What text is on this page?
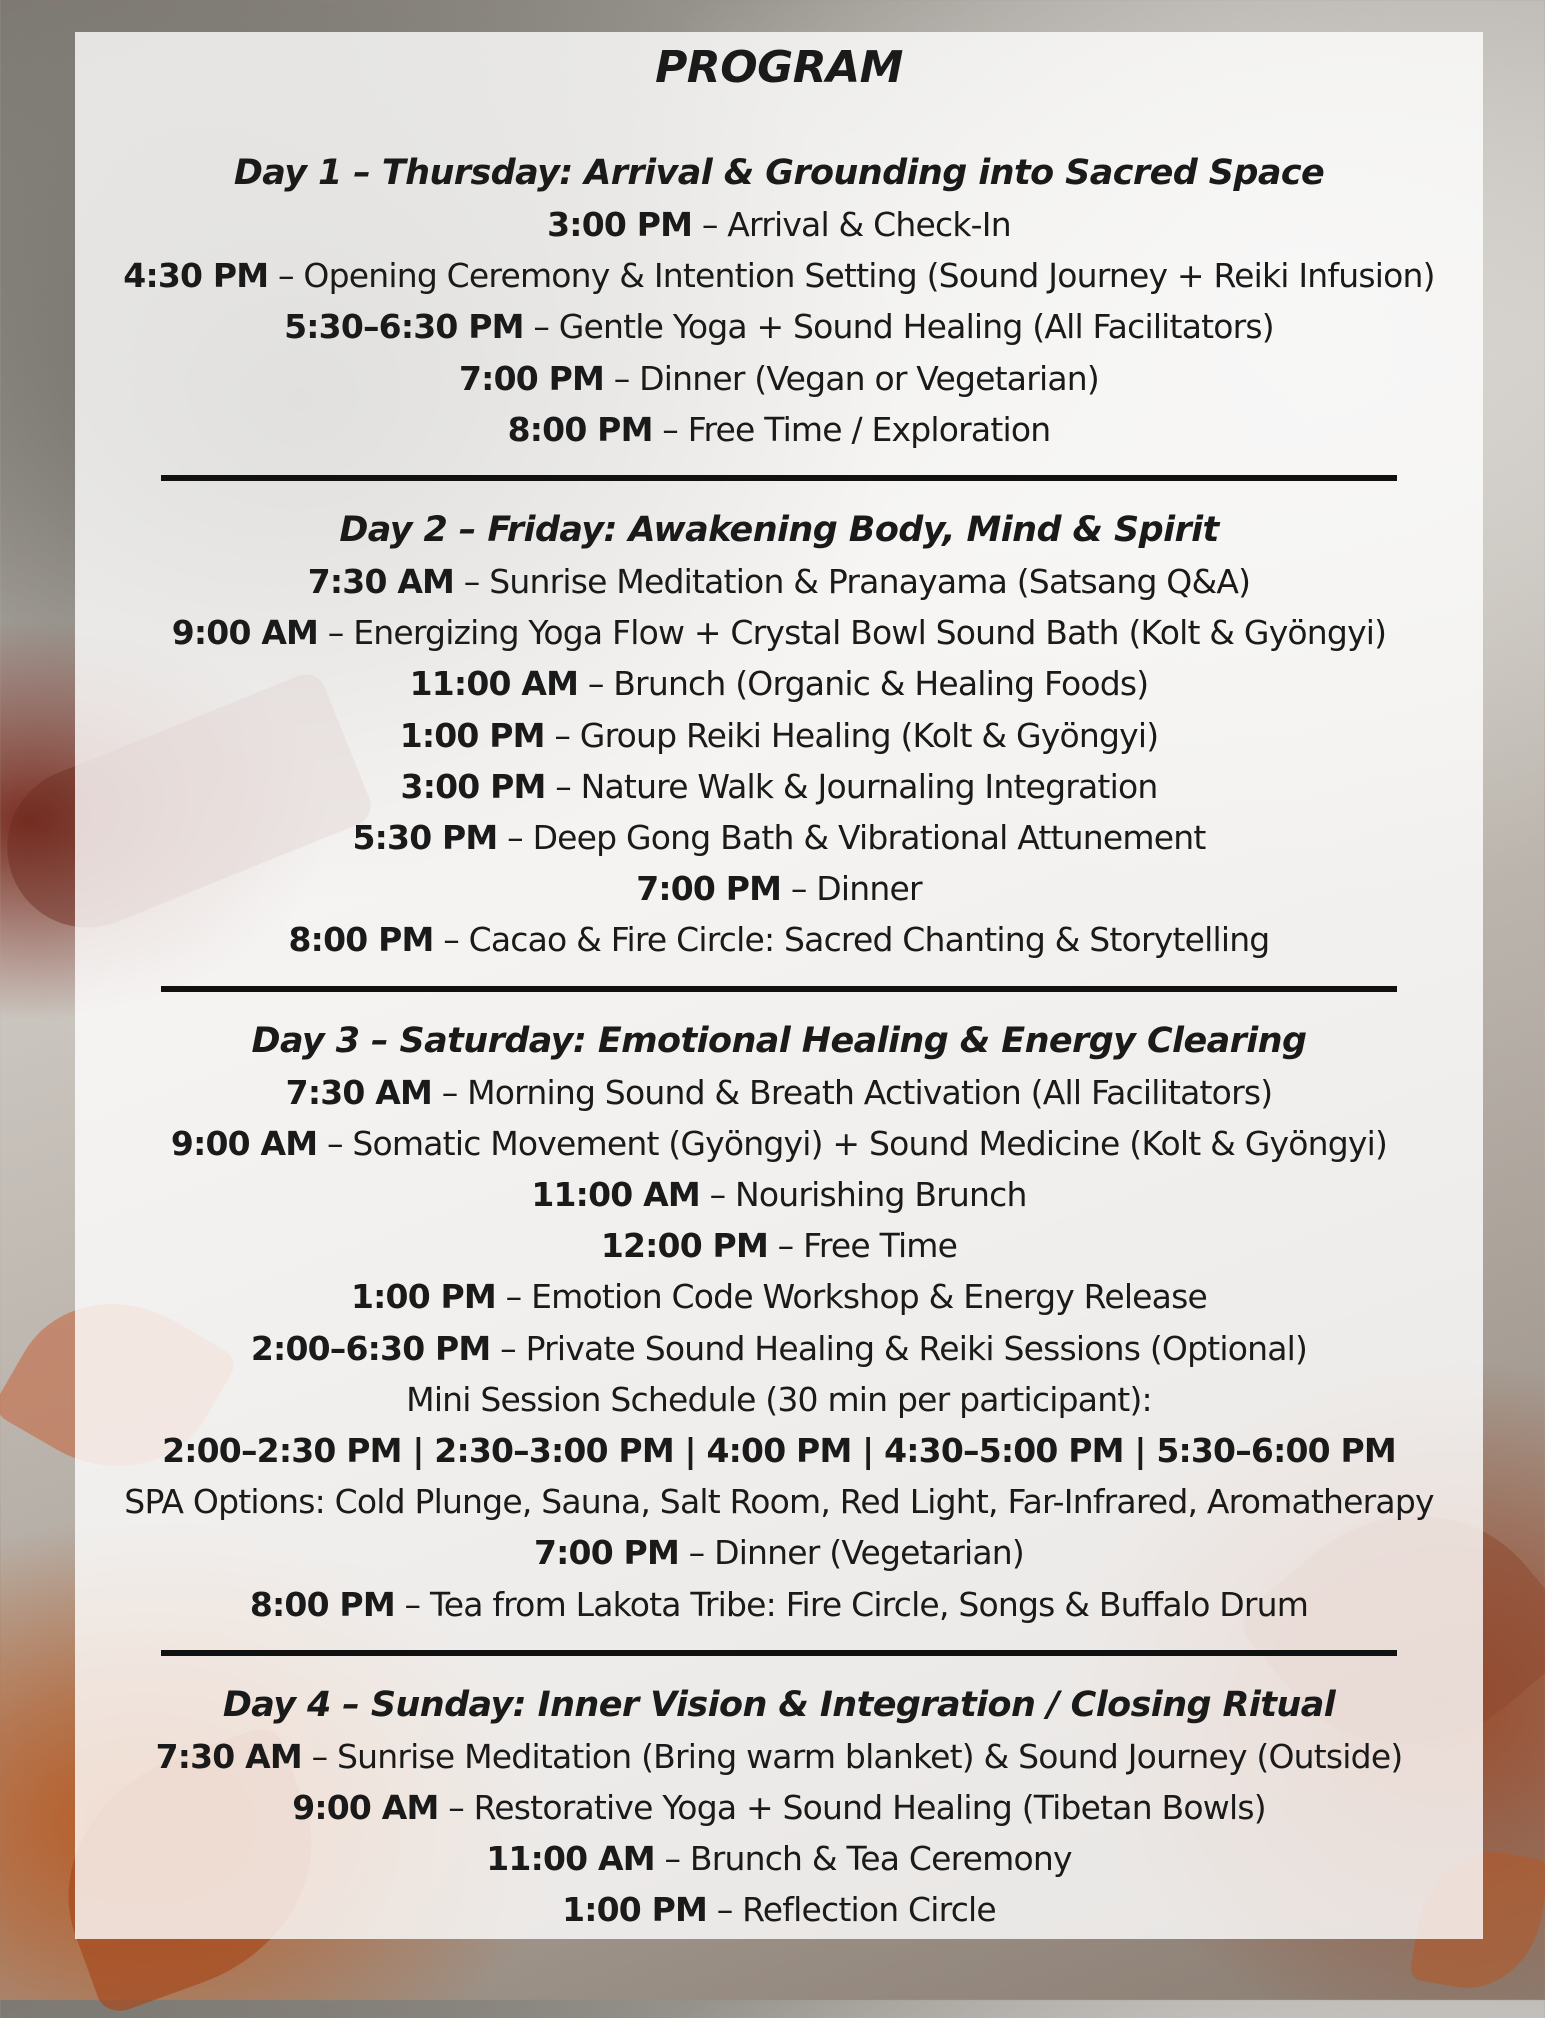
PROGRAM
Day 1 – Thursday: Arrival & Grounding into Sacred Space

3:00 PM – Arrival & Check-In

4:30 PM – Opening Ceremony & Intention Setting (Sound Journey + Reiki Infusion)

5:30–6:30 PM – Gentle Yoga + Sound Healing (All Facilitators)

7:00 PM – Dinner (Vegan or Vegetarian)

8:00 PM – Free Time / Exploration

Day 2 – Friday: Awakening Body, Mind & Spirit

7:30 AM – Sunrise Meditation & Pranayama (Satsang Q&A)

9:00 AM – Energizing Yoga Flow + Crystal Bowl Sound Bath (Kolt & Gyöngyi)

11:00 AM – Brunch (Organic & Healing Foods)

1:00 PM – Group Reiki Healing (Kolt & Gyöngyi)

3:00 PM – Nature Walk & Journaling Integration

5:30 PM – Deep Gong Bath & Vibrational Attunement

7:00 PM – Dinner

8:00 PM – Cacao & Fire Circle: Sacred Chanting & Storytelling

Day 3 – Saturday: Emotional Healing & Energy Clearing

7:30 AM – Morning Sound & Breath Activation (All Facilitators)

9:00 AM – Somatic Movement (Gyöngyi) + Sound Medicine (Kolt & Gyöngyi)

11:00 AM – Nourishing Brunch

12:00 PM – Free Time

1:00 PM – Emotion Code Workshop & Energy Release

2:00–6:30 PM – Private Sound Healing & Reiki Sessions (Optional)

Mini Session Schedule (30 min per participant):

2:00–2:30 PM | 2:30–3:00 PM | 4:00 PM | 4:30–5:00 PM | 5:30–6:00 PM

SPA Options: Cold Plunge, Sauna, Salt Room, Red Light, Far-Infrared, Aromatherapy

7:00 PM – Dinner (Vegetarian)

8:00 PM – Tea from Lakota Tribe: Fire Circle, Songs & Buffalo Drum

Day 4 – Sunday: Inner Vision & Integration / Closing Ritual

7:30 AM – Sunrise Meditation (Bring warm blanket) & Sound Journey (Outside)

9:00 AM – Restorative Yoga + Sound Healing (Tibetan Bowls)

11:00 AM – Brunch & Tea Ceremony

1:00 PM – Reflection Circle
